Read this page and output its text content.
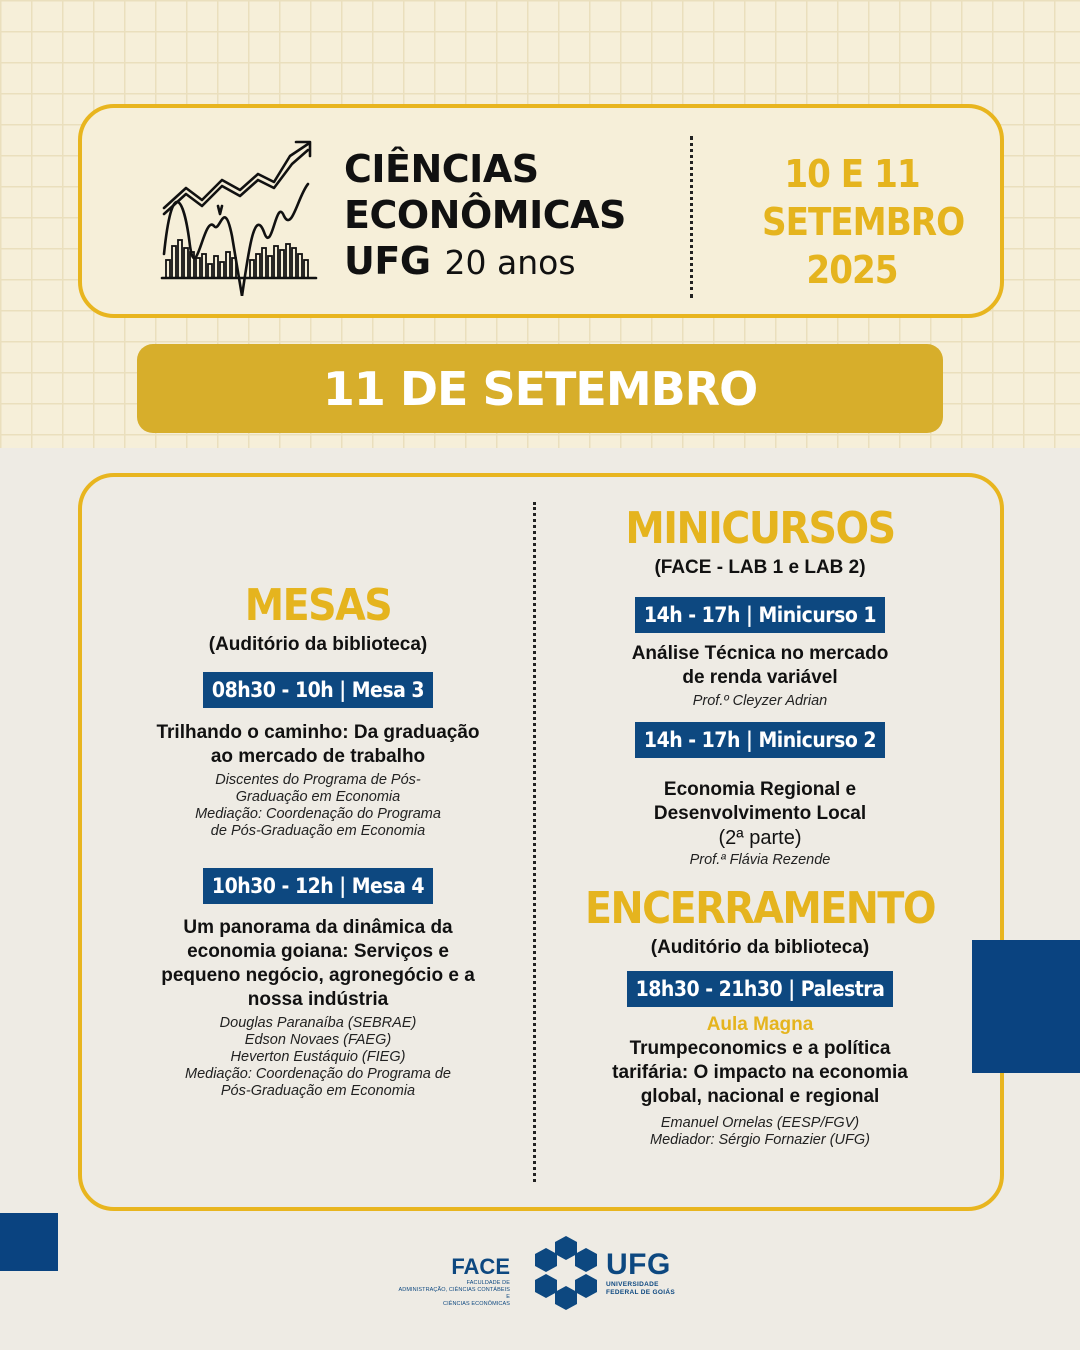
CIÊNCIAS
ECONÔMICAS
UFG 20 anos
10 E 11
SETEMBRO
2025
11 DE SETEMBRO
MESAS
(Auditório da biblioteca)
08h30 - 10h | Mesa 3
Trilhando o caminho: Da graduação
ao mercado de trabalho
Discentes do Programa de Pós-
Graduação em Economia
Mediação: Coordenação do Programa
de Pós-Graduação em Economia
10h30 - 12h | Mesa 4
Um panorama da dinâmica da
economia goiana: Serviços e
pequeno negócio, agronegócio e a
nossa indústria
Douglas Paranaíba (SEBRAE)
Edson Novaes (FAEG)
Heverton Eustáquio (FIEG)
Mediação: Coordenação do Programa de
Pós-Graduação em Economia
MINICURSOS
(FACE - LAB 1 e LAB 2)
14h - 17h | Minicurso 1
Análise Técnica no mercado
de renda variável
Prof.º Cleyzer Adrian
14h - 17h | Minicurso 2
Economia Regional e
Desenvolvimento Local
(2ª parte)
Prof.ª Flávia Rezende
ENCERRAMENTO
(Auditório da biblioteca)
18h30 - 21h30 | Palestra
Aula Magna
Trumpeconomics e a política
tarifária: O impacto na economia
global, nacional e regional
Emanuel Ornelas (EESP/FGV)
Mediador: Sérgio Fornazier (UFG)
FACE
FACULDADE DE
ADMINISTRAÇÃO, CIÊNCIAS CONTÁBEIS E
CIÊNCIAS ECONÔMICAS
UFG
UNIVERSIDADE
FEDERAL DE GOIÁS
